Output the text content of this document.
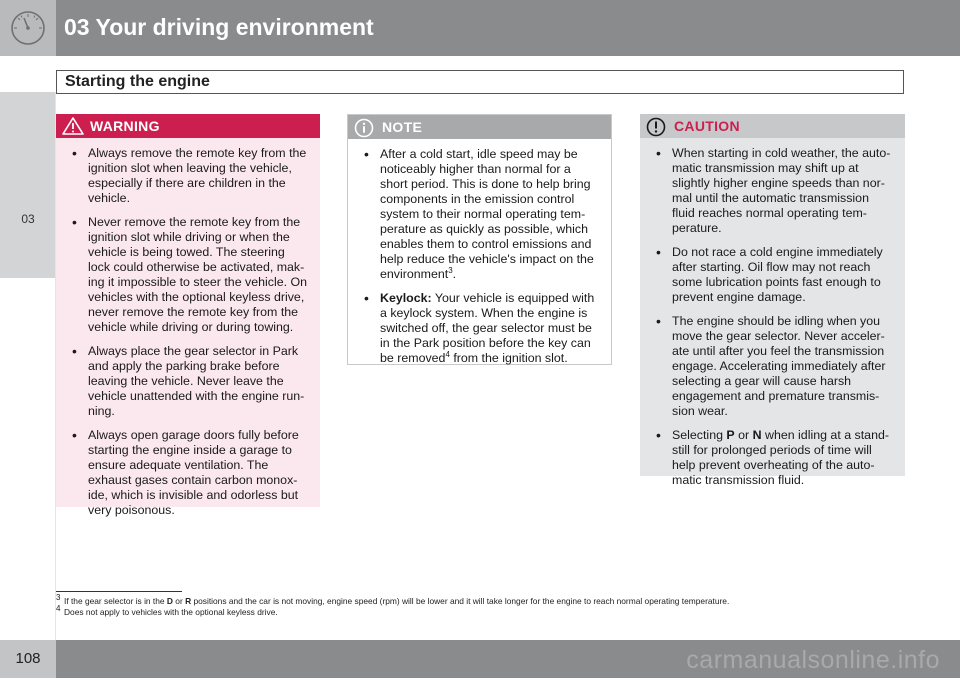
03 Your driving environment
Starting the engine
03
WARNING
• Always remove the remote key from the ignition slot when leaving the vehicle, especially if there are children in the vehicle.
• Never remove the remote key from the ignition slot while driving or when the vehicle is being towed. The steering lock could otherwise be activated, mak-ing it impossible to steer the vehicle. On vehicles with the optional keyless drive, never remove the remote key from the vehicle while driving or during towing.
• Always place the gear selector in Park and apply the parking brake before leaving the vehicle. Never leave the vehicle unattended with the engine run-ning.
• Always open garage doors fully before starting the engine inside a garage to ensure adequate ventilation. The exhaust gases contain carbon monox-ide, which is invisible and odorless but very poisonous.
NOTE
• After a cold start, idle speed may be noticeably higher than normal for a short period. This is done to help bring components in the emission control system to their normal operating tem-perature as quickly as possible, which enables them to control emissions and help reduce the vehicle's impact on the environment$^3$.
• Keylock: Your vehicle is equipped with a keylock system. When the engine is switched off, the gear selector must be in the Park position before the key can be removed$^4$ from the ignition slot.
CAUTION
• When starting in cold weather, the auto-matic transmission may shift up at slightly higher engine speeds than nor-mal until the automatic transmission fluid reaches normal operating tem-perature.
• Do not race a cold engine immediately after starting. Oil flow may not reach some lubrication points fast enough to prevent engine damage.
• The engine should be idling when you move the gear selector. Never acceler-ate until after you feel the transmission engage. Accelerating immediately after selecting a gear will cause harsh engagement and premature transmis-sion wear.
• Selecting P or N when idling at a stand-still for prolonged periods of time will help prevent overheating of the auto-matic transmission fluid.
$^3$ If the gear selector is in the D or R positions and the car is not moving, engine speed (rpm) will be lower and it will take longer for the engine to reach normal operating temperature.
$^4$ Does not apply to vehicles with the optional keyless drive.
108	carmanualsonline.info
